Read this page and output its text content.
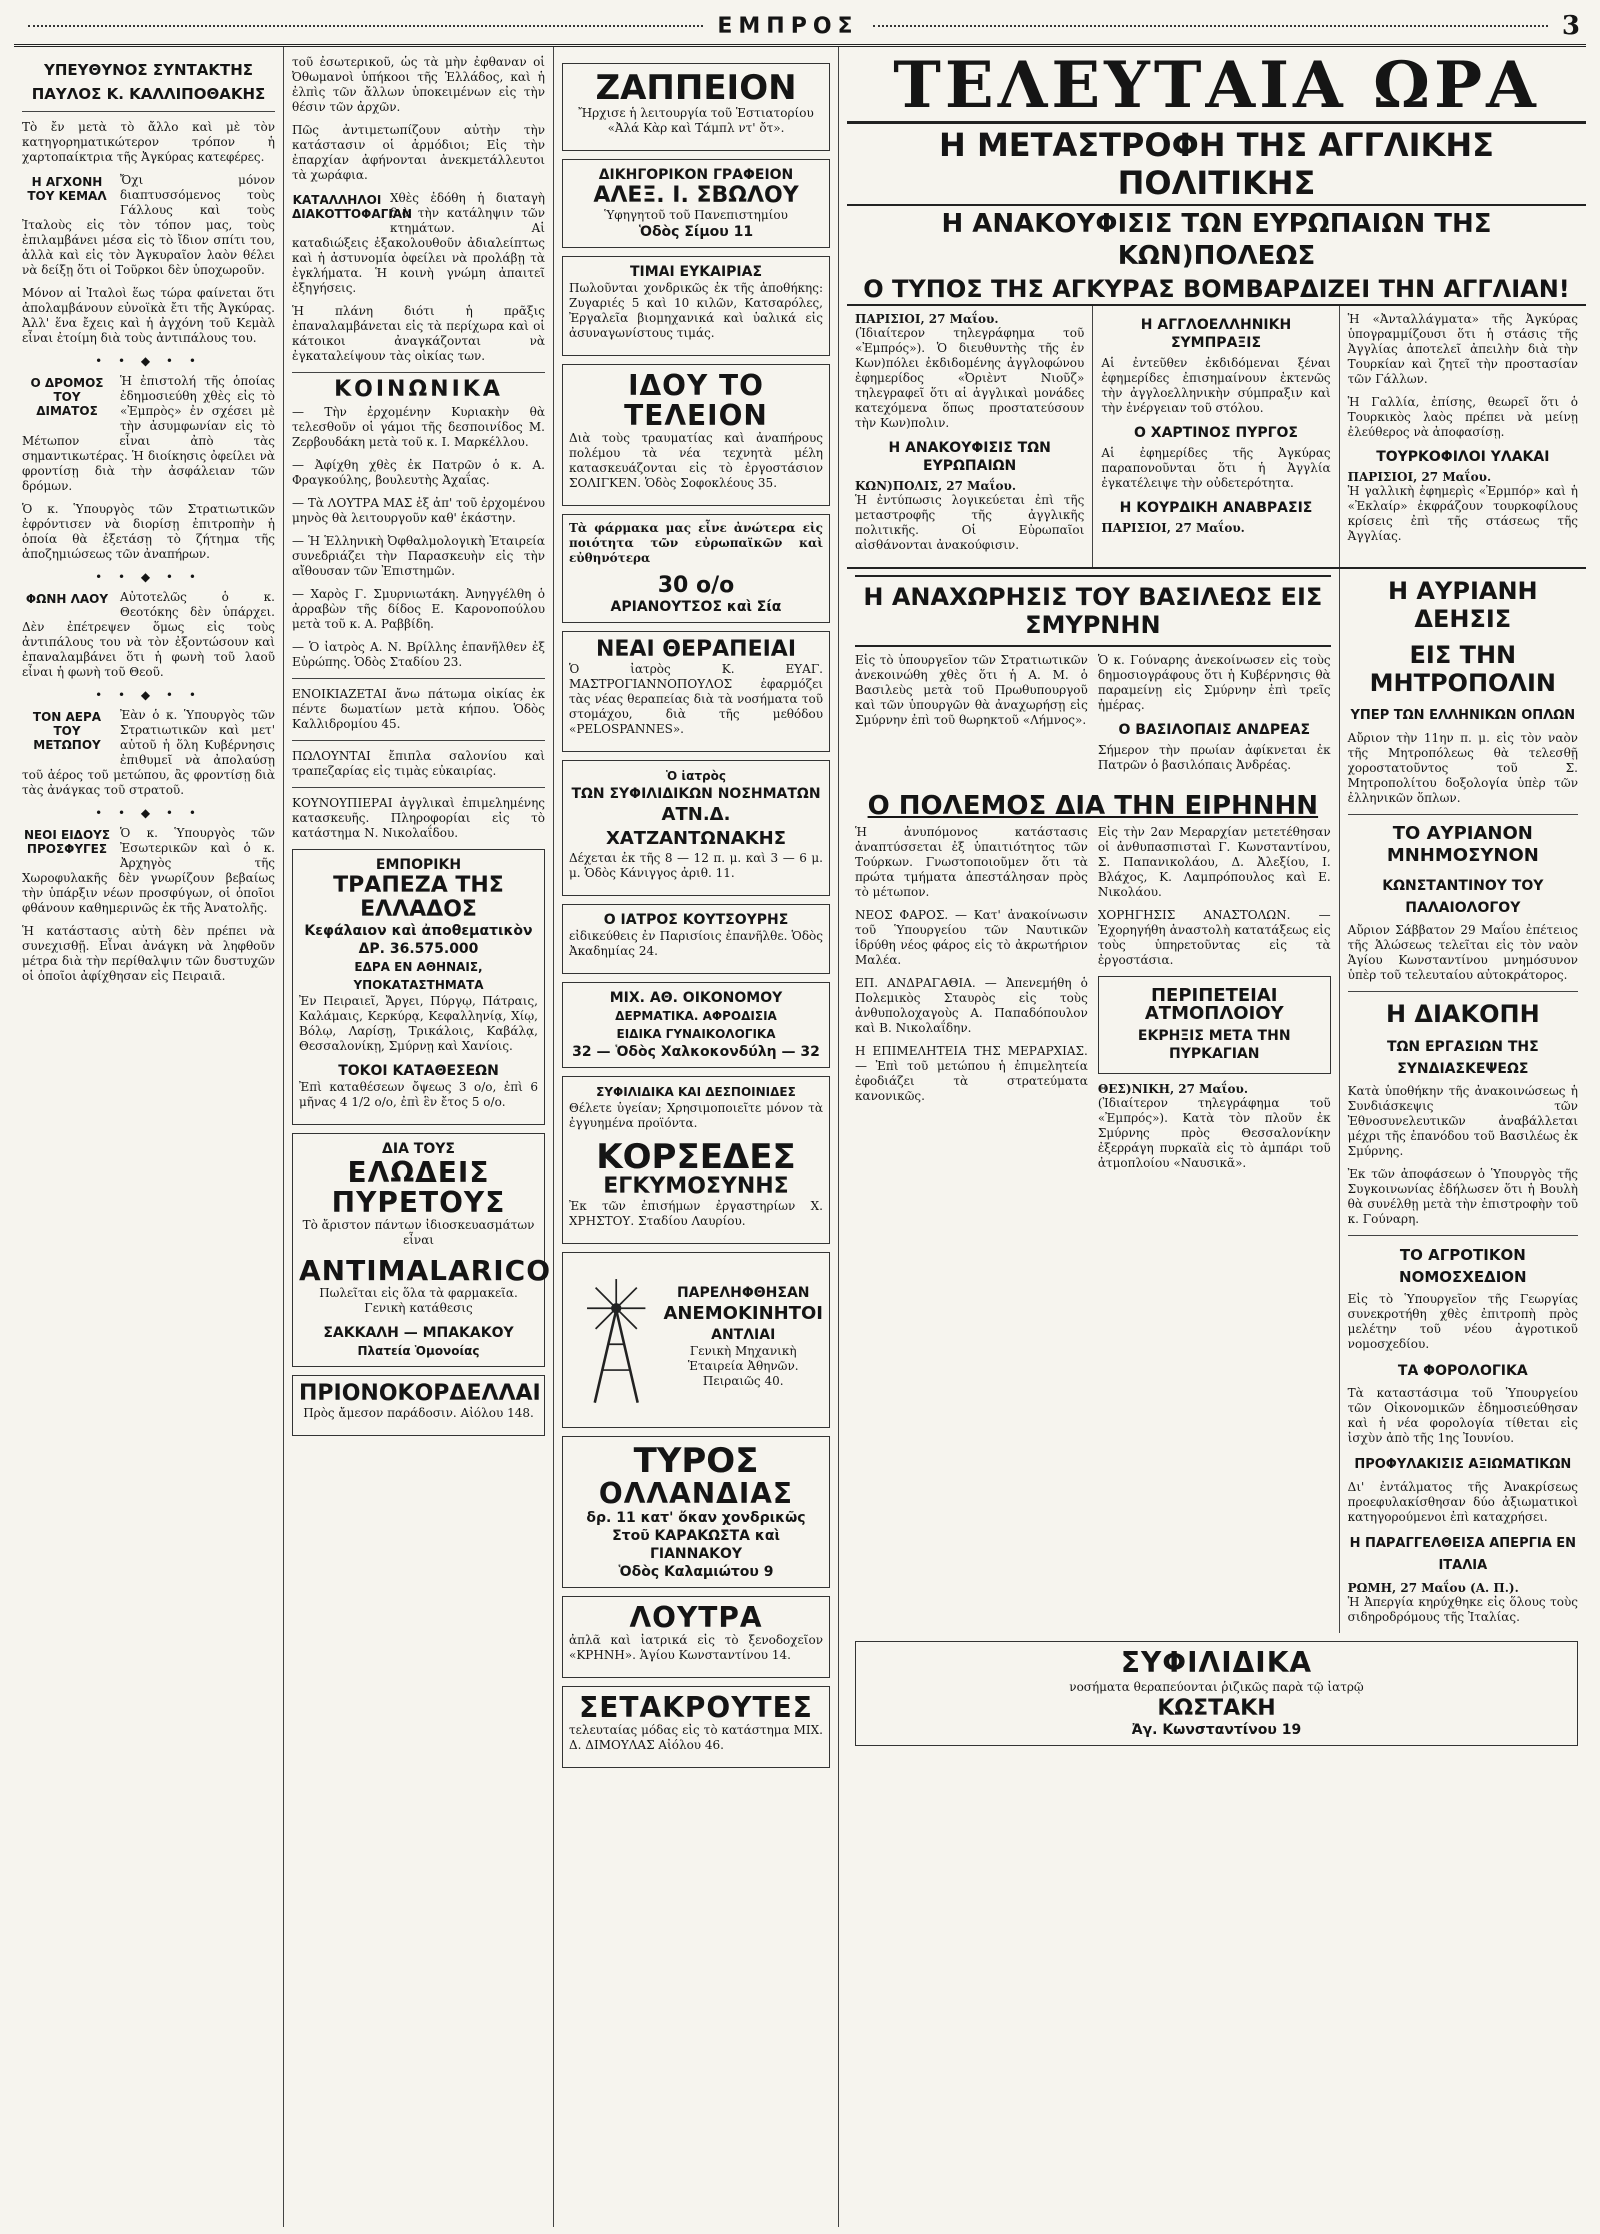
ΕΜΠΡΟΣ	3
ΥΠΕΥΘΥΝΟΣ ΣΥΝΤΑΚΤΗΣ
ΠΑΥΛΟΣ Κ. ΚΑΛΛΙΠΟΘΑΚΗΣ

Τὸ ἔν μετὰ τὸ ἄλλο καὶ μὲ τὸν κατηγορηματικώτερον τρόπον ἡ χαρτοπαίκτρια τῆς Ἀγκύρας κατεφέρες.

Η ΑΓΧΟΝΗ ΤΟΥ ΚΕΜΑΛ

Ὄχι μόνον διαπτυσσόμενος τοὺς Γάλλους καὶ τοὺς Ἰταλοὺς εἰς τὸν τόπον μας, τοὺς ἐπιλαμβάνει μέσα εἰς τὸ ἴδιον σπίτι του, ἀλλὰ καὶ εἰς τὸν Ἀγκυραῖον λαὸν θέλει νὰ δείξῃ ὅτι οἱ Τοῦρκοι δὲν ὑποχωροῦν.

Μόνον αἱ Ἰταλοὶ ἕως τώρα φαίνεται ὅτι ἀπολαμβάνουν εὐνοϊκὰ ἔτι τῆς Ἀγκύρας. Ἀλλ' ἕνα ἔχεις καὶ ἡ ἀγχόνη τοῦ Κεμὰλ εἶναι ἐτοίμη διὰ τοὺς ἀντιπάλους του.

• • ◆ • •
Ο ΔΡΟΜΟΣ ΤΟΥ ΔΙΜΑΤΟΣ

Ἡ ἐπιστολή τῆς ὁποίας ἐδημοσιεύθη χθὲς εἰς τὸ «Ἐμπρὸς» ἐν σχέσει μὲ τὴν ἀσυμφωνίαν εἰς τὸ Μέτωπον εἶναι ἀπὸ τὰς σημαντικωτέρας. Ἡ διοίκησις ὀφείλει νὰ φροντίσῃ διὰ τὴν ἀσφάλειαν τῶν δρόμων.

Ὁ κ. Ὑπουργὸς τῶν Στρατιωτικῶν ἐφρόντισεν νὰ διορίσῃ ἐπιτροπὴν ἡ ὁποία θὰ ἐξετάσῃ τὸ ζήτημα τῆς ἀποζημιώσεως τῶν ἀναπήρων.

• • ◆ • •
ΦΩΝΗ ΛΑΟΥ Αὐτοτελῶς ὁ κ. Θεοτόκης δὲν ὑπάρχει. Δὲν ἐπέτρεψεν ὅμως εἰς τοὺς ἀντιπάλους του νὰ τὸν ἐξοντώσουν καὶ ἐπαναλαμβάνει ὅτι ἡ φωνὴ τοῦ λαοῦ εἶναι ἡ φωνὴ τοῦ Θεοῦ.

• • ◆ • •
ΤΟΝ ΑΕΡΑ ΤΟΥ ΜΕΤΩΠΟΥ

Ἐὰν ὁ κ. Ὑπουργὸς τῶν Στρατιωτικῶν καὶ μετ' αὐτοῦ ἡ ὅλη Κυβέρνησις ἐπιθυμεῖ νὰ ἀπολαύσῃ τοῦ ἀέρος τοῦ μετώπου, ἂς φροντίσῃ διὰ τὰς ἀνάγκας τοῦ στρατοῦ.

• • ◆ • •
ΝΕΟΙ ΕΙΔΟΥΣ ΠΡΟΣΦΥΓΕΣ

Ὁ κ. Ὑπουργὸς τῶν Ἐσωτερικῶν καὶ ὁ κ. Ἀρχηγὸς τῆς Χωροφυλακῆς δὲν γνωρίζουν βεβαίως τὴν ὑπάρξιν νέων προσφύγων, οἱ ὁποῖοι φθάνουν καθημερινῶς ἐκ τῆς Ἀνατολῆς.

Ἡ κατάστασις αὐτὴ δὲν πρέπει νὰ συνεχισθῇ. Εἶναι ἀνάγκη νὰ ληφθοῦν μέτρα διὰ τὴν περίθαλψιν τῶν δυστυχῶν οἱ ὁποῖοι ἀφίχθησαν εἰς Πειραιᾶ.

τοῦ ἐσωτερικοῦ, ὡς τὰ μὴν ἐφθαναν οἱ Ὀθωμανοὶ ὑπήκοοι τῆς Ἑλλάδος, καὶ ἡ ἐλπὶς τῶν ἄλλων ὑποκειμένων εἰς τὴν θέσιν τῶν ἀρχῶν.

Πῶς ἀντιμετωπίζουν αὐτὴν τὴν κατάστασιν οἱ ἁρμόδιοι; Εἰς τὴν ἐπαρχίαν ἀφήνονται ἀνεκμετάλλευτοι τὰ χωράφια.

ΚΑΤΑΛΛΗΛΟΙ ΔΙΑΚΟΤΤΟΦΑΓΙΑΝ

Χθὲς ἐδόθη ἡ διαταγὴ διὰ τὴν κατάληψιν τῶν κτημάτων. Αἱ καταδιώξεις ἐξακολουθοῦν ἀδιαλείπτως καὶ ἡ ἀστυνομία ὀφείλει νὰ προλάβῃ τὰ ἐγκλήματα. Ἡ κοινὴ γνώμη ἀπαιτεῖ ἐξηγήσεις.

Ἡ πλάνη διότι ἡ πρᾶξις ἐπαναλαμβάνεται εἰς τὰ περίχωρα καὶ οἱ κάτοικοι ἀναγκάζονται νὰ ἐγκαταλείψουν τὰς οἰκίας των.

ΚΟΙΝΩΝΙΚΑ

— Τὴν ἐρχομένην Κυριακὴν θὰ τελεσθοῦν οἱ γάμοι τῆς δεσποινίδος Μ. Ζερβουδάκη μετὰ τοῦ κ. Ι. Μαρκέλλου.

— Ἀφίχθη χθὲς ἐκ Πατρῶν ὁ κ. Α. Φραγκούλης, βουλευτὴς Ἀχαΐας.

— Τὰ ΛΟΥΤΡΑ ΜΑΣ ἐξ ἀπ' τοῦ ἐρχομένου μηνὸς θὰ λειτουργοῦν καθ' ἑκάστην.

— Ἡ Ἑλληνικὴ Ὀφθαλμολογικὴ Ἑταιρεία συνεδριάζει τὴν Παρασκευὴν εἰς τὴν αἴθουσαν τῶν Ἐπιστημῶν.

— Χαρὸς Γ. Σμυρνιωτάκη. Ἀνηγγέλθη ὁ ἀρραβὼν τῆς δίδος Ε. Καρονοπούλου μετὰ τοῦ κ. Α. Ραββίδη.

— Ὁ ἰατρὸς Α. Ν. Βρίλλης ἐπανῆλθεν ἐξ Εὐρώπης. Ὁδὸς Σταδίου 23.

ΕΝΟΙΚΙΑΖΕΤΑΙ ἄνω πάτωμα οἰκίας ἐκ πέντε δωματίων μετὰ κήπου. Ὁδὸς Καλλιδρομίου 45.

ΠΩΛΟΥΝΤΑΙ ἔπιπλα σαλονίου καὶ τραπεζαρίας εἰς τιμὰς εὐκαιρίας.

ΚΟΥΝΟΥΠΙΕΡΑΙ ἀγγλικαὶ ἐπιμελημένης κατασκευῆς. Πληροφορίαι εἰς τὸ κατάστημα Ν. Νικολαΐδου.

ΕΜΠΟΡΙΚΗ
ΤΡΑΠΕΖΑ ΤΗΣ ΕΛΛΑΔΟΣ
Κεφάλαιον καὶ ἀποθεματικὸν
ΔΡ. 36.575.000
ΕΔΡΑ ΕΝ ΑΘΗΝΑΙΣ, ΥΠΟΚΑΤΑΣΤΗΜΑΤΑ

Ἐν Πειραιεῖ, Ἄργει, Πύργῳ, Πάτραις, Καλάμαις, Κερκύρᾳ, Κεφαλληνίᾳ, Χίῳ, Βόλῳ, Λαρίσῃ, Τρικάλοις, Καβάλᾳ, Θεσσαλονίκῃ, Σμύρνῃ καὶ Χανίοις.

ΤΟΚΟΙ ΚΑΤΑΘΕΣΕΩΝ

Ἐπὶ καταθέσεων ὄψεως 3 ο/ο, ἐπὶ 6 μῆνας 4 1/2 ο/ο, ἐπὶ ἓν ἔτος 5 ο/ο.

ΔΙΑ ΤΟΥΣ
ΕΛΩΔΕΙΣ ΠΥΡΕΤΟΥΣ

Τὸ ἄριστον πάντων ἰδιοσκευασμάτων εἶναι

ANTIMALARICO

Πωλεῖται εἰς ὅλα τὰ φαρμακεῖα. Γενικὴ κατάθεσις

ΣΑΚΚΑΛΗ — ΜΠΑΚΑΚΟΥ
Πλατεία Ὁμονοίας
ΠΡΙΟΝΟΚΟΡΔΕΛΛΑΙ

Πρὸς ἄμεσον παράδοσιν. Αἰόλου 148.

ΖΑΠΠΕΙΟΝ

Ἤρχισε ἡ λειτουργία τοῦ Ἑστιατορίου «Ἀλά Κὰρ καὶ Τάμπλ ντ' ὄτ».

ΔΙΚΗΓΟΡΙΚΟΝ ΓΡΑΦΕΙΟΝ
ΑΛΕΞ. Ι. ΣΒΩΛΟΥ

Ὑφηγητοῦ τοῦ Πανεπιστημίου

Ὁδὸς Σίμου 11
ΤΙΜΑΙ ΕΥΚΑΙΡΙΑΣ

Πωλοῦνται χονδρικῶς ἐκ τῆς ἀποθήκης: Ζυγαριές 5 καὶ 10 κιλῶν, Κατσαρόλες, Ἐργαλεῖα βιομηχανικά καὶ ὑαλικά εἰς ἀσυναγωνίστους τιμάς.

ΙΔΟΥ ΤΟ ΤΕΛΕΙΟΝ

Διὰ τοὺς τραυματίας καὶ ἀναπήρους πολέμου τὰ νέα τεχνητὰ μέλη κατασκευάζονται εἰς τὸ ἐργοστάσιον ΣΟΛΙΓΚΕΝ. Ὁδὸς Σοφοκλέους 35.

Τὰ φάρμακα μας εἶνε ἀνώτερα εἰς ποιότητα τῶν εὐρωπαϊκῶν καὶ εὐθηνότερα

30 ο/ο
ΑΡΙΑΝΟΥΤΣΟΣ καὶ Σία
ΝΕΑΙ ΘΕΡΑΠΕΙΑΙ

Ὁ ἰατρὸς Κ. ΕΥΑΓ. ΜΑΣΤΡΟΓΙΑΝΝΟΠΟΥΛΟΣ ἐφαρμόζει τὰς νέας θεραπείας διὰ τὰ νοσήματα τοῦ στομάχου, διὰ τῆς μεθόδου «PELOSPANNES».

Ὁ ἰατρὸς
ΤΩΝ ΣΥΦΙΛΙΔΙΚΩΝ ΝΟΣΗΜΑΤΩΝ
ΑΤΝ.Δ. ΧΑΤΖΑΝΤΩΝΑΚΗΣ

Δέχεται ἐκ τῆς 8 — 12 π. μ. καὶ 3 — 6 μ. μ. Ὁδὸς Κάνιγγος ἀριθ. 11.

Ο ΙΑΤΡΟΣ ΚΟΥΤΣΟΥΡΗΣ

εἰδικεύθεις ἐν Παρισίοις ἐπανῆλθε. Ὁδὸς Ἀκαδημίας 24.

ΜΙΧ. ΑΘ. ΟΙΚΟΝΟΜΟΥ
ΔΕΡΜΑΤΙΚΑ. ΑΦΡΟΔΙΣΙΑ
ΕΙΔΙΚΑ ΓΥΝΑΙΚΟΛΟΓΙΚΑ
32 — Ὁδὸς Χαλκοκονδύλη — 32
ΣΥΦΙΛΙΔΙΚΑ ΚΑΙ ΔΕΣΠΟΙΝΙΔΕΣ

Θέλετε ὑγείαν; Χρησιμοποιεῖτε μόνον τὰ ἐγγυημένα προϊόντα.

ΚΟΡΣΕΔΕΣ
ΕΓΚΥΜΟΣΥΝΗΣ

Ἐκ τῶν ἐπισήμων ἐργαστηρίων Χ. ΧΡΗΣΤΟΥ. Σταδίου Λαυρίου.

ΠΑΡΕΛΗΦΘΗΣΑΝ
ΑΝΕΜΟΚΙΝΗΤΟΙ
ΑΝΤΛΙΑΙ

Γενικὴ Μηχανικὴ Ἑταιρεία Ἀθηνῶν. Πειραιῶς 40.

ΤΥΡΟΣ
ΟΛΛΑΝΔΙΑΣ
δρ. 11 κατ' ὄκαν χονδρικῶς
Στοῦ ΚΑΡΑΚΩΣΤΑ καὶ ΓΙΑΝΝΑΚΟΥ
Ὁδὸς Καλαμιώτου 9
ΛΟΥΤΡΑ

ἀπλᾶ καὶ ἰατρικά εἰς τὸ ξενοδοχεῖον «ΚΡΗΝΗ». Ἁγίου Κωνσταντίνου 14.

ΣΕΤΑΚΡΟΥΤΕΣ

τελευταίας μόδας εἰς τὸ κατάστημα ΜΙΧ. Δ. ΔΙΜΟΥΛΑΣ Αἰόλου 46.

ΤΕΛΕΥΤΑΙΑ ΩΡΑ
Η ΜΕΤΑΣΤΡΟΦΗ ΤΗΣ ΑΓΓΛΙΚΗΣ ΠΟΛΙΤΙΚΗΣ
Η ΑΝΑΚΟΥΦΙΣΙΣ ΤΩΝ ΕΥΡΩΠΑΙΩΝ ΤΗΣ ΚΩΝ)ΠΟΛΕΩΣ
Ο ΤΥΠΟΣ ΤΗΣ ΑΓΚΥΡΑΣ ΒΟΜΒΑΡΔΙΖΕΙ ΤΗΝ ΑΓΓΛΙΑΝ!
ΠΑΡΙΣΙΟΙ, 27 Μαΐου.

(Ἰδιαίτερον τηλεγράφημα τοῦ «Ἐμπρός»). Ὁ διευθυντὴς τῆς ἐν Κων)πόλει ἐκδιδομένης ἀγγλοφώνου ἐφημερίδος «Ὀριὲντ Νιοῦζ» τηλεγραφεῖ ὅτι αἱ ἀγγλικαὶ μονάδες κατεχόμενα ὅπως προστατεύσουν τὴν Κων)πολιν.

Η ΑΝΑΚΟΥΦΙΣΙΣ ΤΩΝ ΕΥΡΩΠΑΙΩΝ
ΚΩΝ)ΠΟΛΙΣ, 27 Μαΐου.

Ἡ ἐντύπωσις λογικεύεται ἐπὶ τῆς μεταστροφῆς τῆς ἀγγλικῆς πολιτικῆς. Οἱ Εὐρωπαῖοι αἰσθάνονται ἀνακούφισιν.

Η ΑΓΓΛΟΕΛΛΗΝΙΚΗ ΣΥΜΠΡΑΞΙΣ

Αἱ ἐντεῦθεν ἐκδιδόμεναι ξέναι ἐφημερίδες ἐπισημαίνουν ἐκτενῶς τὴν ἀγγλοελληνικὴν σύμπραξιν καὶ τὴν ἐνέργειαν τοῦ στόλου.

Ο ΧΑΡΤΙΝΟΣ ΠΥΡΓΟΣ

Αἱ ἐφημερίδες τῆς Ἀγκύρας παραπονοῦνται ὅτι ἡ Ἀγγλία ἐγκατέλειψε τὴν οὐδετερότητα.

Η ΚΟΥΡΔΙΚΗ ΑΝΑΒΡΑΣΙΣ
ΠΑΡΙΣΙΟΙ, 27 Μαΐου.

Ἡ «Ἀνταλλάγματα» τῆς Ἀγκύρας ὑπογραμμίζουσι ὅτι ἡ στάσις τῆς Ἀγγλίας ἀποτελεῖ ἀπειλὴν διὰ τὴν Τουρκίαν καὶ ζητεῖ τὴν προστασίαν τῶν Γάλλων.

Ἡ Γαλλία, ἐπίσης, θεωρεῖ ὅτι ὁ Τουρκικὸς λαὸς πρέπει νὰ μείνῃ ἐλεύθερος νὰ ἀποφασίσῃ.

ΤΟΥΡΚΟΦΙΛΟΙ ΥΛΑΚΑΙ
ΠΑΡΙΣΙΟΙ, 27 Μαΐου.

Ἡ γαλλικὴ ἐφημερὶς «Ἐρμπόρ» καὶ ἡ «Ἐκλαίρ» ἐκφράζουν τουρκοφίλους κρίσεις ἐπὶ τῆς στάσεως τῆς Ἀγγλίας.

Η ΑΝΑΧΩΡΗΣΙΣ ΤΟΥ ΒΑΣΙΛΕΩΣ ΕΙΣ ΣΜΥΡΝΗΝ

Εἰς τὸ ὑπουργεῖον τῶν Στρατιωτικῶν ἀνεκοινώθη χθὲς ὅτι ἡ Α. Μ. ὁ Βασιλεὺς μετὰ τοῦ Πρωθυπουργοῦ καὶ τῶν ὑπουργῶν θὰ ἀναχωρήσῃ εἰς Σμύρνην ἐπὶ τοῦ θωρηκτοῦ «Λήμνος».

Ὁ κ. Γούναρης ἀνεκοίνωσεν εἰς τοὺς δημοσιογράφους ὅτι ἡ Κυβέρνησις θὰ παραμείνῃ εἰς Σμύρνην ἐπὶ τρεῖς ἡμέρας.

Ο ΒΑΣΙΛΟΠΑΙΣ ΑΝΔΡΕΑΣ

Σήμερον τὴν πρωίαν ἀφίκνεται ἐκ Πατρῶν ὁ βασιλόπαις Ἀνδρέας.

Ο ΠΟΛΕΜΟΣ ΔΙΑ ΤΗΝ ΕΙΡΗΝΗΝ

Ἡ ἀνυπόμονος κατάστασις ἀναπτύσσεται ἐξ ὑπαιτιότητος τῶν Τούρκων. Γνωστοποιοῦμεν ὅτι τὰ πρώτα τμήματα ἀπεστάλησαν πρὸς τὸ μέτωπον.

ΝΕΟΣ ΦΑΡΟΣ. — Κατ' ἀνακοίνωσιν τοῦ Ὑπουργείου τῶν Ναυτικῶν ἱδρύθη νέος φάρος εἰς τὸ ἀκρωτήριον Μαλέα.

ΕΠ. ΑΝΔΡΑΓΑΘΙΑ. — Ἀπενεμήθη ὁ Πολεμικὸς Σταυρὸς εἰς τοὺς ἀνθυπολοχαγοὺς Α. Παπαδόπουλον καὶ Β. Νικολαΐδην.

Η ΕΠΙΜΕΛΗΤΕΙΑ ΤΗΣ ΜΕΡΑΡΧΙΑΣ. — Ἐπὶ τοῦ μετώπου ἡ ἐπιμελητεία ἐφοδιάζει τὰ στρατεύματα κανονικῶς.

Εἰς τὴν 2αν Μεραρχίαν μετετέθησαν οἱ ἀνθυπασπισταὶ Γ. Κωνσταντίνου, Σ. Παπανικολάου, Δ. Ἀλεξίου, Ι. Βλάχος, Κ. Λαμπρόπουλος καὶ Ε. Νικολάου.

ΧΟΡΗΓΗΣΙΣ ΑΝΑΣΤΟΛΩΝ. — Ἐχορηγήθη ἀναστολὴ κατατάξεως εἰς τοὺς ὑπηρετοῦντας εἰς τὰ ἐργοστάσια.

ΠΕΡΙΠΕΤΕΙΑΙ ΑΤΜΟΠΛΟΙΟΥ
ΕΚΡΗΞΙΣ ΜΕΤΑ ΤΗΝ ΠΥΡΚΑΓΙΑΝ
ΘΕΣ)ΝΙΚΗ, 27 Μαΐου.

(Ἰδιαίτερον τηλεγράφημα τοῦ «Ἐμπρός»). Κατὰ τὸν πλοῦν ἐκ Σμύρνης πρὸς Θεσσαλονίκην ἐξερράγη πυρκαϊὰ εἰς τὸ ἀμπάρι τοῦ ἀτμοπλοίου «Ναυσικᾶ».

Η ΑΥΡΙΑΝΗ ΔΕΗΣΙΣ
ΕΙΣ ΤΗΝ ΜΗΤΡΟΠΟΛΙΝ
ΥΠΕΡ ΤΩΝ ΕΛΛΗΝΙΚΩΝ ΟΠΛΩΝ

Αὔριον τὴν 11ην π. μ. εἰς τὸν ναὸν τῆς Μητροπόλεως θὰ τελεσθῇ χοροστατοῦντος τοῦ Σ. Μητροπολίτου δοξολογία ὑπὲρ τῶν ἐλληνικῶν ὅπλων.

ΤΟ ΑΥΡΙΑΝΟΝ ΜΝΗΜΟΣΥΝΟΝ
ΚΩΝΣΤΑΝΤΙΝΟΥ ΤΟΥ ΠΑΛΑΙΟΛΟΓΟΥ

Αὔριον Σάββατον 29 Μαΐου ἐπέτειος τῆς Ἁλώσεως τελεῖται εἰς τὸν ναὸν Ἁγίου Κωνσταντίνου μνημόσυνον ὑπὲρ τοῦ τελευταίου αὐτοκράτορος.

Η ΔΙΑΚΟΠΗ
ΤΩΝ ΕΡΓΑΣΙΩΝ ΤΗΣ ΣΥΝΔΙΑΣΚΕΨΕΩΣ

Κατὰ ὑποθήκην τῆς ἀνακοινώσεως ἡ Συνδιάσκεψις τῶν Ἐθνοσυνελευτικῶν ἀναβάλλεται μέχρι τῆς ἐπανόδου τοῦ Βασιλέως ἐκ Σμύρνης.

Ἐκ τῶν ἀποφάσεων ὁ Ὑπουργὸς τῆς Συγκοινωνίας ἐδήλωσεν ὅτι ἡ Βουλὴ θὰ συνέλθῃ μετὰ τὴν ἐπιστροφὴν τοῦ κ. Γούναρη.

ΤΟ ΑΓΡΟΤΙΚΟΝ ΝΟΜΟΣΧΕΔΙΟΝ

Εἰς τὸ Ὑπουργεῖον τῆς Γεωργίας συνεκροτήθη χθὲς ἐπιτροπὴ πρὸς μελέτην τοῦ νέου ἀγροτικοῦ νομοσχεδίου.

ΤΑ ΦΟΡΟΛΟΓΙΚΑ

Τὰ καταστάσιμα τοῦ Ὑπουργείου τῶν Οἰκονομικῶν ἐδημοσιεύθησαν καὶ ἡ νέα φορολογία τίθεται εἰς ἰσχὺν ἀπὸ τῆς 1ης Ἰουνίου.

ΠΡΟΦΥΛΑΚΙΣΙΣ ΑΞΙΩΜΑΤΙΚΩΝ

Δι' ἐντάλματος τῆς Ἀνακρίσεως προεφυλακίσθησαν δύο ἀξιωματικοὶ κατηγορούμενοι ἐπὶ καταχρήσει.

Η ΠΑΡΑΓΓΕΛΘΕΙΣΑ ΑΠΕΡΓΙΑ ΕΝ ΙΤΑΛΙΑ
ΡΩΜΗ, 27 Μαΐου (Α. Π.).

Ἡ Ἀπεργία κηρύχθηκε εἰς ὅλους τοὺς σιδηροδρόμους τῆς Ἰταλίας.

ΣΥΦΙΛΙΔΙΚΑ

νοσήματα θεραπεύονται ῥιζικῶς παρὰ τῷ ἰατρῷ

ΚΩΣΤΑΚΗ
Ἀγ. Κωνσταντίνου 19
